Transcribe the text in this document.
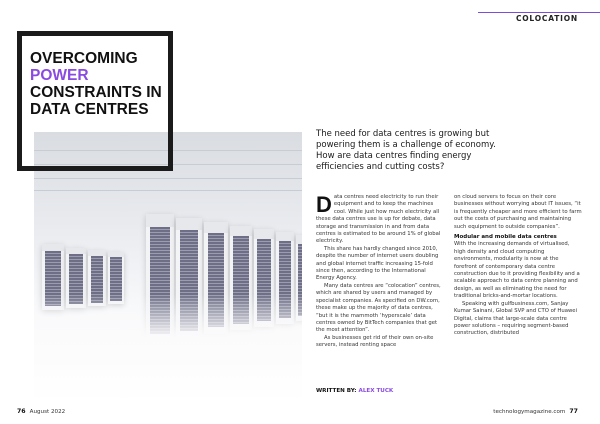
COLOCATION
OVERCOMING
POWER
CONSTRAINTS IN
DATA CENTRES

The need for data centres is growing but powering them is a challenge of economy. How are data centres finding energy efficiencies and cutting costs?

Data centres need electricity to run their equipment and to keep the machines cool. While just how much electricity all these data centres use is up for debate, data storage and transmission in and from data centres is estimated to be around 1% of global electricity.

This share has hardly changed since 2010, despite the number of internet users doubling and global internet traffic increasing 15-fold since then, according to the International Energy Agency.

Many data centres are “colocation” centres, which are shared by users and managed by specialist companies. As specified on DW.com, these make up the majority of data centres, “but it is the mammoth ‘hyperscale’ data centres owned by BitTech companies that get the most attention”.

As businesses get rid of their own on-site servers, instead renting space

on cloud servers to focus on their core businesses without worrying about IT issues, “it is frequently cheaper and more efficient to farm out the costs of purchasing and maintaining such equipment to outside companies”.

Modular and mobile data centres

With the increasing demands of virtualised, high density and cloud computing environments, modularity is now at the forefront of contemporary data centre construction due to it providing flexibility and a scalable approach to data centre planning and design, as well as eliminating the need for traditional bricks-and-mortar locations.

Speaking with gulfbusiness.com, Sanjay Kumar Sainani, Global SVP and CTO of Huawei Digital, claims that large-scale data centre power solutions – requiring segment-based construction, distributed

WRITTEN BY: ALEX TUCK
76 August 2022	technologymagazine.com 77
